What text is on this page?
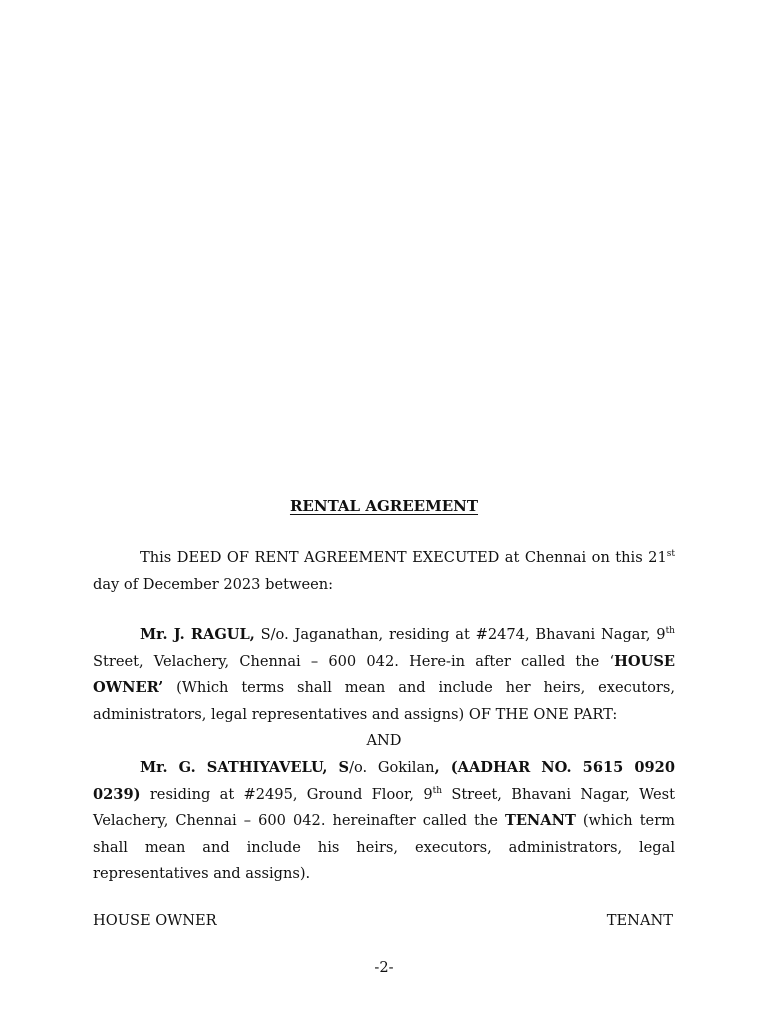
RENTAL AGREEMENT

This DEED OF RENT AGREEMENT EXECUTED at Chennai on this 21st day of December 2023 between:

Mr. J. RAGUL, S/o. Jaganathan, residing at #2474, Bhavani Nagar, 9th Street, Velachery, Chennai – 600 042. Here-in after called the ‘HOUSE OWNER’ (Which terms shall mean and include her heirs, executors, administrators, legal representatives and assigns) OF THE ONE PART:

AND

Mr. G. SATHIYAVELU, S/o. Gokilan, (AADHAR NO. 5615 0920 0239) residing at #2495, Ground Floor, 9th Street, Bhavani Nagar, West Velachery, Chennai – 600 042. hereinafter called the TENANT (which term shall mean and include his heirs, executors, administrators, legal representatives and assigns).

HOUSE OWNER	TENANT
-2-
